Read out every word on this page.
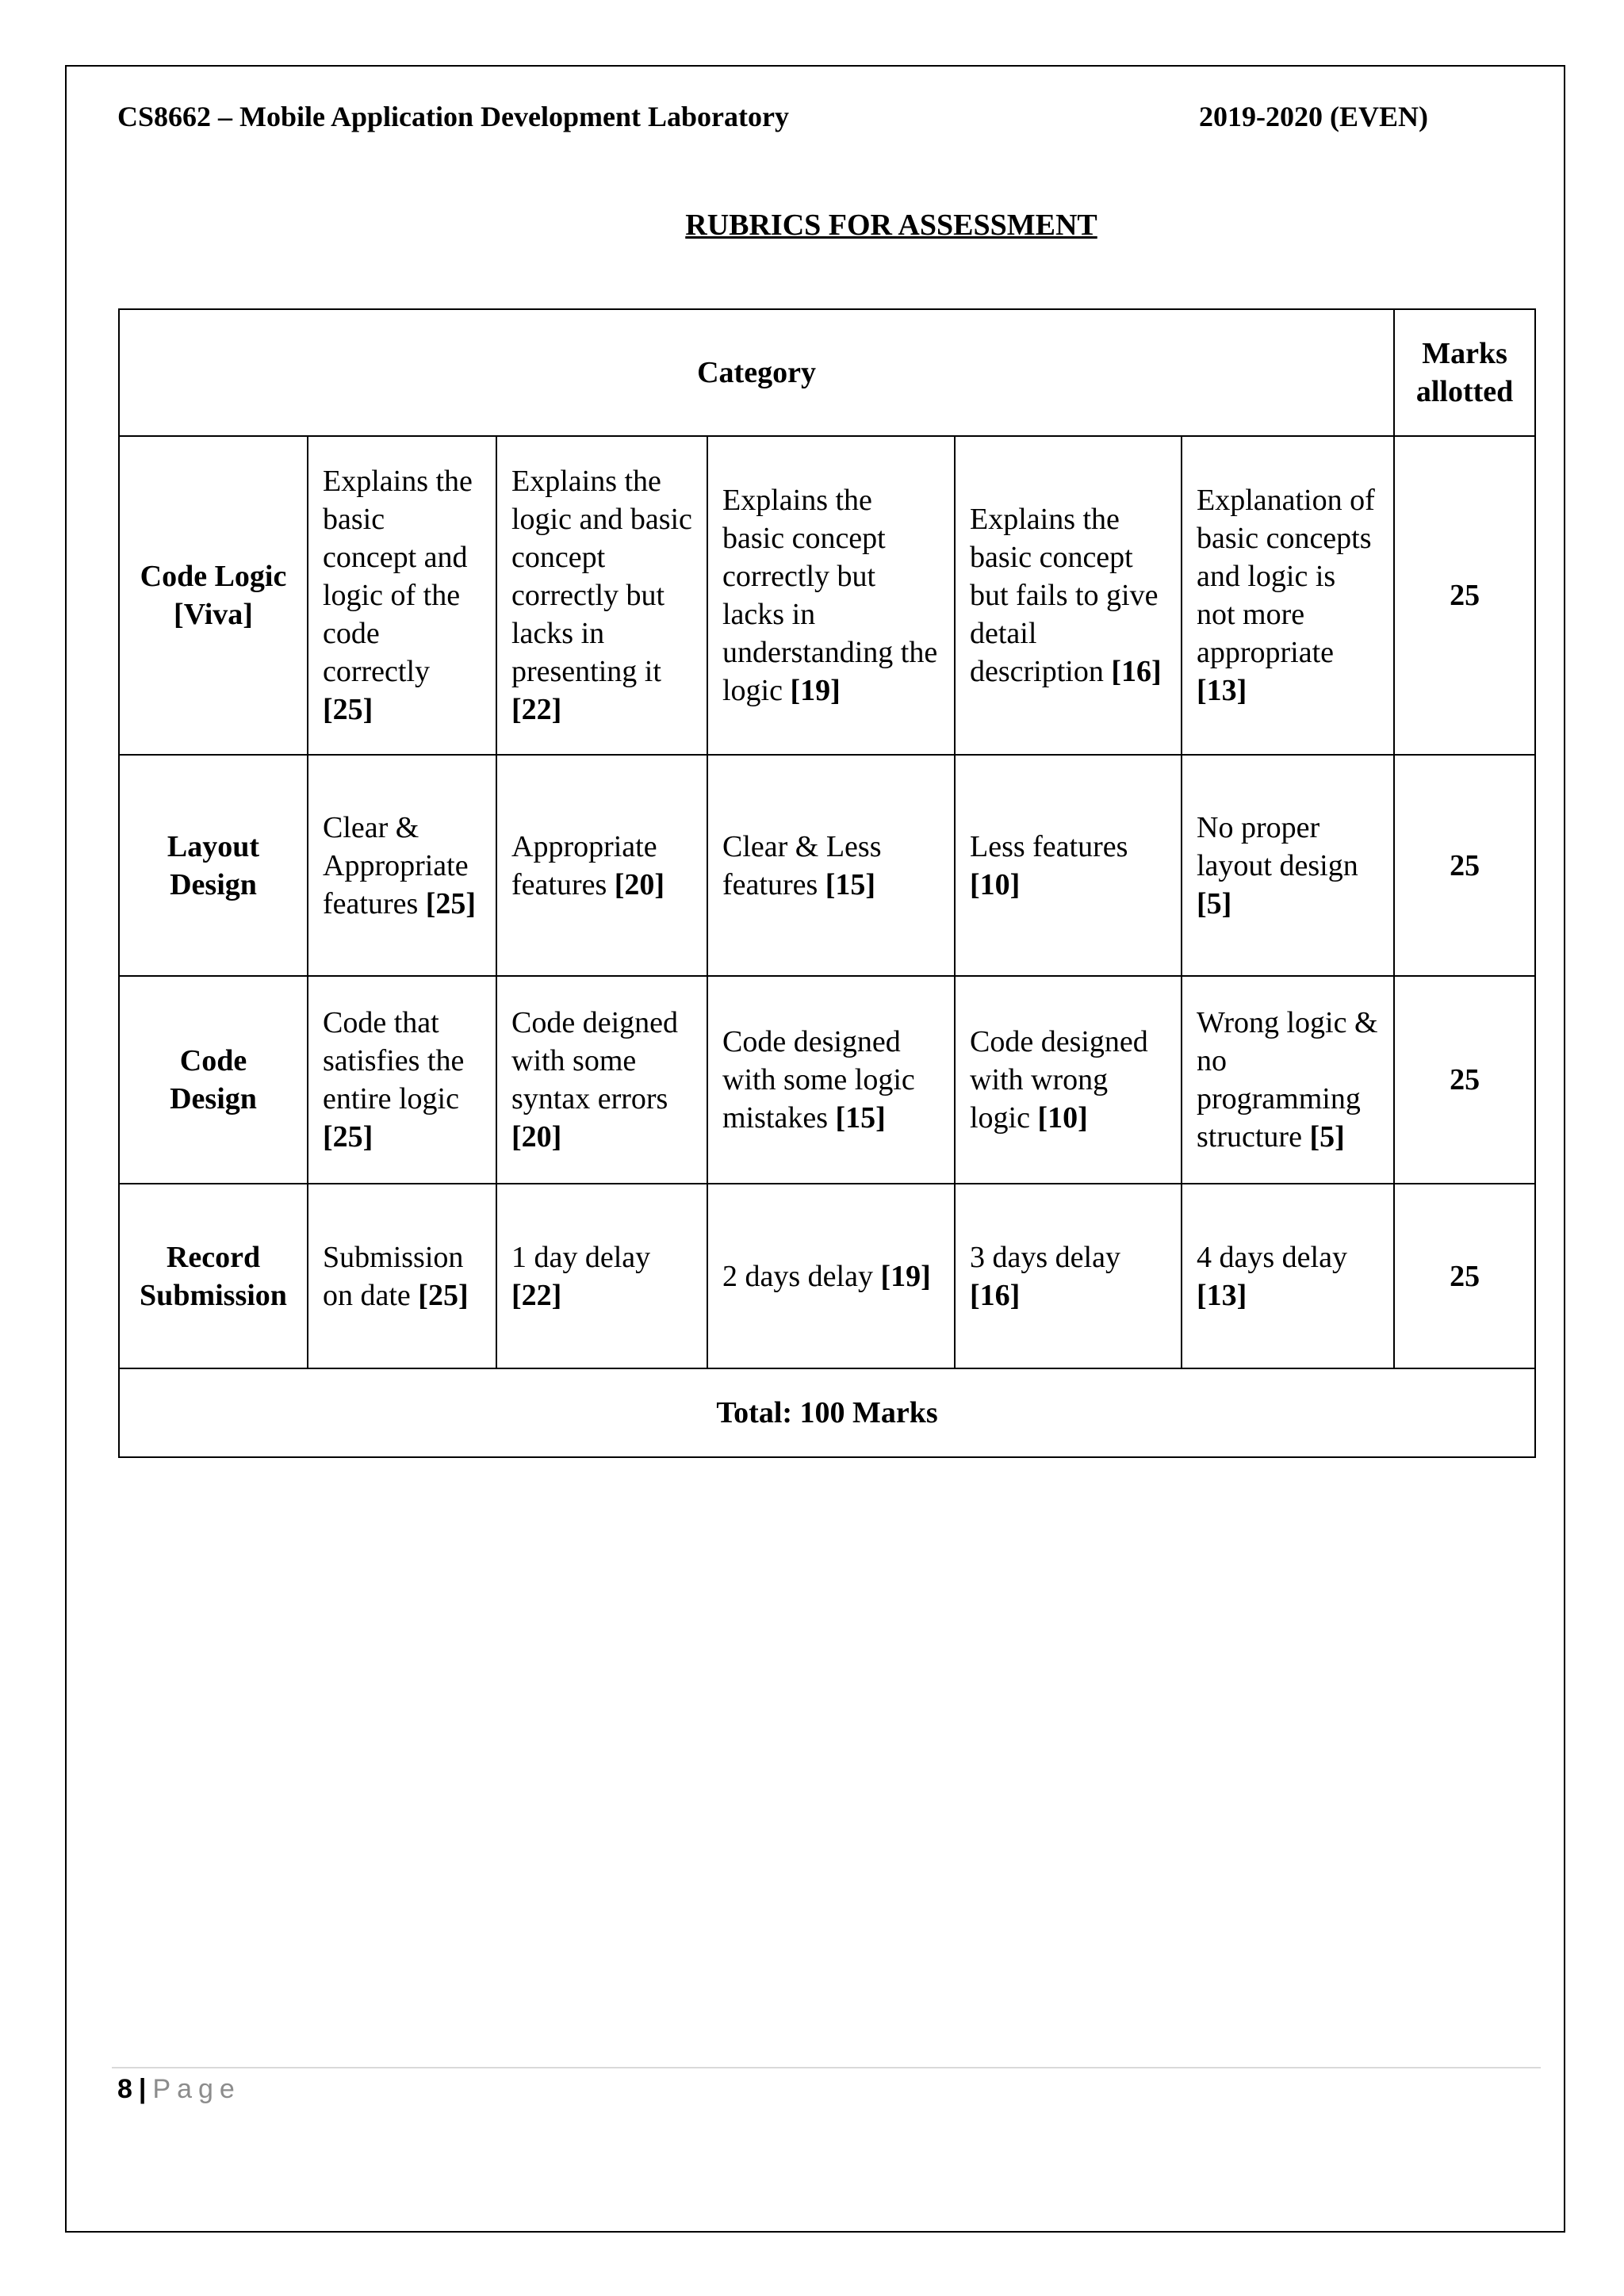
CS8662 – Mobile Application Development Laboratory	2019-2020 (EVEN)
RUBRICS FOR ASSESSMENT
Category						Marks allotted
Code Logic [Viva]	Explains the basic concept and logic of the code correctly [25]	Explains the logic and basic concept correctly but lacks in presenting it [22]	Explains the basic concept correctly but lacks in understanding the logic [19]	Explains the basic concept but fails to give detail description [16]	Explanation of basic concepts and logic is not more appropriate [13]	25
Layout Design	Clear & Appropriate features [25]	Appropriate features [20]	Clear & Less features [15]	Less features [10]	No proper layout design [5]	25
Code Design	Code that satisfies the entire logic [25]	Code deigned with some syntax errors [20]	Code designed with some logic mistakes [15]	Code designed with wrong logic [10]	Wrong logic & no programming structure [5]	25
Record Submission	Submission on date [25]	1 day delay [22]	2 days delay [19]	3 days delay [16]	4 days delay [13]	25
Total: 100 Marks						
8 | Page
